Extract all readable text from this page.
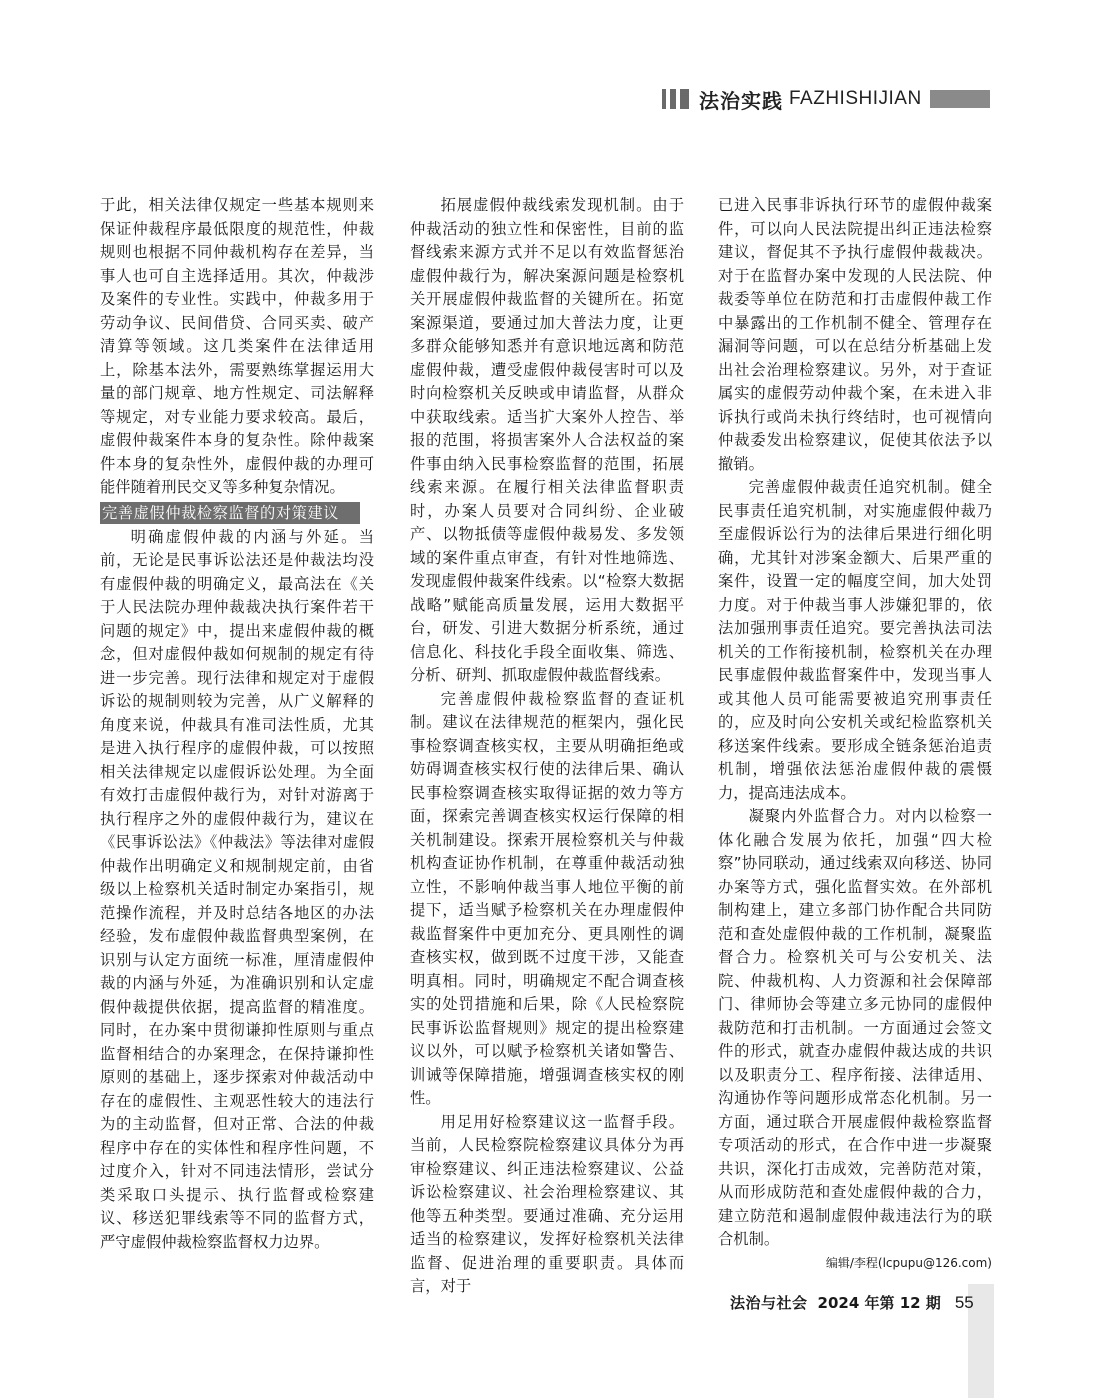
法治实践 FAZHISHIJIAN

于此，相关法律仅规定一些基本规则来保证仲裁程序最低限度的规范性，仲裁规则也根据不同仲裁机构存在差异，当事人也可自主选择适用。其次，仲裁涉及案件的专业性。实践中，仲裁多用于劳动争议、民间借贷、合同买卖、破产清算等领域。这几类案件在法律适用上，除基本法外，需要熟练掌握运用大量的部门规章、地方性规定、司法解释等规定，对专业能力要求较高。最后，虚假仲裁案件本身的复杂性。除仲裁案件本身的复杂性外，虚假仲裁的办理可能伴随着刑民交叉等多种复杂情况。

完善虚假仲裁检察监督的对策建议

明确虚假仲裁的内涵与外延。当前，无论是民事诉讼法还是仲裁法均没有虚假仲裁的明确定义，最高法在《关于人民法院办理仲裁裁决执行案件若干问题的规定》中，提出来虚假仲裁的概念，但对虚假仲裁如何规制的规定有待进一步完善。现行法律和规定对于虚假诉讼的规制则较为完善，从广义解释的角度来说，仲裁具有准司法性质，尤其是进入执行程序的虚假仲裁，可以按照相关法律规定以虚假诉讼处理。为全面有效打击虚假仲裁行为，对针对游离于执行程序之外的虚假仲裁行为，建议在《民事诉讼法》《仲裁法》等法律对虚假仲裁作出明确定义和规制规定前，由省级以上检察机关适时制定办案指引，规范操作流程，并及时总结各地区的办法经验，发布虚假仲裁监督典型案例，在识别与认定方面统一标准，厘清虚假仲裁的内涵与外延，为准确识别和认定虚假仲裁提供依据，提高监督的精准度。同时，在办案中贯彻谦抑性原则与重点监督相结合的办案理念，在保持谦抑性原则的基础上，逐步探索对仲裁活动中存在的虚假性、主观恶性较大的违法行为的主动监督，但对正常、合法的仲裁程序中存在的实体性和程序性问题，不过度介入，针对不同违法情形，尝试分类采取口头提示、执行监督或检察建议、移送犯罪线索等不同的监督方式，严守虚假仲裁检察监督权力边界。

拓展虚假仲裁线索发现机制。由于仲裁活动的独立性和保密性，目前的监督线索来源方式并不足以有效监督惩治虚假仲裁行为，解决案源问题是检察机关开展虚假仲裁监督的关键所在。拓宽案源渠道，要通过加大普法力度，让更多群众能够知悉并有意识地远离和防范虚假仲裁，遭受虚假仲裁侵害时可以及时向检察机关反映或申请监督，从群众中获取线索。适当扩大案外人控告、举报的范围，将损害案外人合法权益的案件事由纳入民事检察监督的范围，拓展线索来源。在履行相关法律监督职责时，办案人员要对合同纠纷、企业破产、以物抵债等虚假仲裁易发、多发领域的案件重点审查，有针对性地筛选、发现虚假仲裁案件线索。以“检察大数据战略”赋能高质量发展，运用大数据平台，研发、引进大数据分析系统，通过信息化、科技化手段全面收集、筛选、分析、研判、抓取虚假仲裁监督线索。

完善虚假仲裁检察监督的查证机制。建议在法律规范的框架内，强化民事检察调查核实权，主要从明确拒绝或妨碍调查核实权行使的法律后果、确认民事检察调查核实取得证据的效力等方面，探索完善调查核实权运行保障的相关机制建设。探索开展检察机关与仲裁机构查证协作机制，在尊重仲裁活动独立性，不影响仲裁当事人地位平衡的前提下，适当赋予检察机关在办理虚假仲裁监督案件中更加充分、更具刚性的调查核实权，做到既不过度干涉，又能查明真相。同时，明确规定不配合调查核实的处罚措施和后果，除《人民检察院民事诉讼监督规则》规定的提出检察建议以外，可以赋予检察机关诸如警告、训诫等保障措施，增强调查核实权的刚性。

用足用好检察建议这一监督手段。当前，人民检察院检察建议具体分为再审检察建议、纠正违法检察建议、公益诉讼检察建议、社会治理检察建议、其他等五种类型。要通过准确、充分运用适当的检察建议，发挥好检察机关法律监督、促进治理的重要职责。具体而言，对于

已进入民事非诉执行环节的虚假仲裁案件，可以向人民法院提出纠正违法检察建议，督促其不予执行虚假仲裁裁决。对于在监督办案中发现的人民法院、仲裁委等单位在防范和打击虚假仲裁工作中暴露出的工作机制不健全、管理存在漏洞等问题，可以在总结分析基础上发出社会治理检察建议。另外，对于查证属实的虚假劳动仲裁个案，在未进入非诉执行或尚未执行终结时，也可视情向仲裁委发出检察建议，促使其依法予以撤销。

完善虚假仲裁责任追究机制。健全民事责任追究机制，对实施虚假仲裁乃至虚假诉讼行为的法律后果进行细化明确，尤其针对涉案金额大、后果严重的案件，设置一定的幅度空间，加大处罚力度。对于仲裁当事人涉嫌犯罪的，依法加强刑事责任追究。要完善执法司法机关的工作衔接机制，检察机关在办理民事虚假仲裁监督案件中，发现当事人或其他人员可能需要被追究刑事责任的，应及时向公安机关或纪检监察机关移送案件线索。要形成全链条惩治追责机制，增强依法惩治虚假仲裁的震慑力，提高违法成本。

凝聚内外监督合力。对内以检察一体化融合发展为依托，加强“四大检察”协同联动，通过线索双向移送、协同办案等方式，强化监督实效。在外部机制构建上，建立多部门协作配合共同防范和查处虚假仲裁的工作机制，凝聚监督合力。检察机关可与公安机关、法院、仲裁机构、人力资源和社会保障部门、律师协会等建立多元协同的虚假仲裁防范和打击机制。一方面通过会签文件的形式，就查办虚假仲裁达成的共识以及职责分工、程序衔接、法律适用、沟通协作等问题形成常态化机制。另一方面，通过联合开展虚假仲裁检察监督专项活动的形式，在合作中进一步凝聚共识，深化打击成效，完善防范对策，从而形成防范和查处虚假仲裁的合力，建立防范和遏制虚假仲裁违法行为的联合机制。

编辑/李程(lcpupu@126.com)
法治与社会 2024 年第 12 期 55
